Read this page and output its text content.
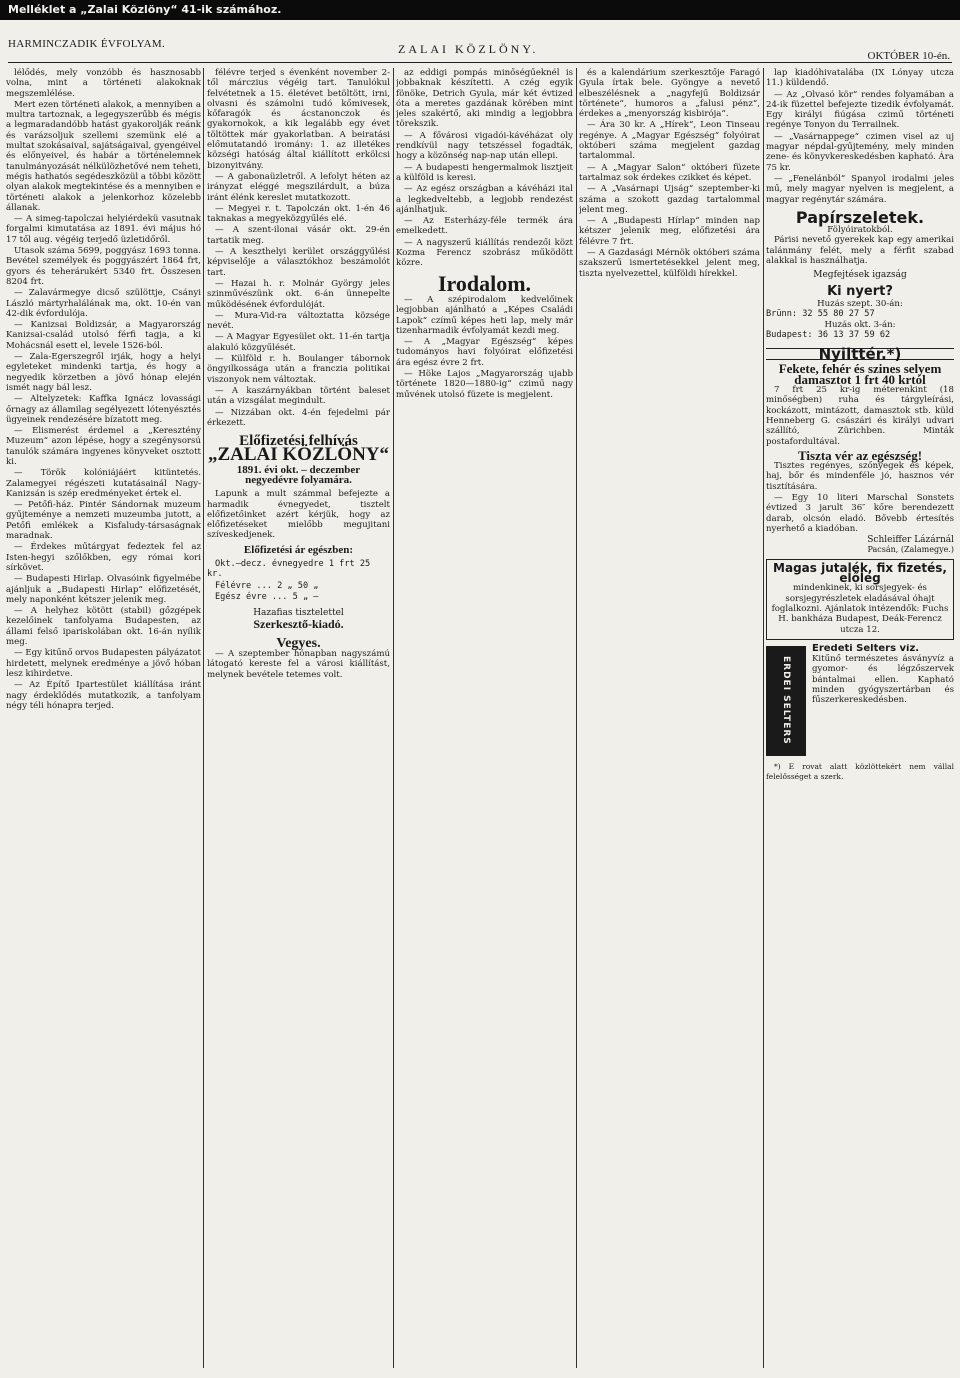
Melléklet a „Zalai Közlöny“ 41-ik számához.
HARMINCZADIK ÉVFOLYAM.	ZALAI KÖZLÖNY.	OKTÓBER 10-én.

lélődés, mely vonzóbb és hasznosabb volna, mint a történeti alakoknak megszemlélése.

Mert ezen történeti alakok, a mennyiben a multra tartoznak, a legegyszerűbb és mégis a legmaradandóbb hatást gyakorolják reánk és varázsoljuk szellemi szemünk elé a multat szokásaival, sajátságaival, gyengéivel és előnyeivel, és habár a történelemnek tanulmányozását nélkülözhetővé nem teheti, mégis hathatós segédeszközül a többi között olyan alakok megtekintése és a mennyiben e történeti alakok a jelenkorhoz közelebb állanak.

— A simeg-tapolczai helyiérdekü vasutnak forgalmi kimutatása az 1891. évi május hó 17 től aug. végéig terjedő üzletidőről.

Utasok száma 5699, poggyász 1693 tonna. Bevétel személyek és poggyászért 1864 frt, gyors és teherárukért 5340 frt. Összesen 8204 frt.

— Zalavármegye dicső szülöttje, Csányi László mártyrhalálának ma, okt. 10-én van 42-dik évfordulója.

— Kanizsai Boldizsár, a Magyarország Kanizsai-család utolsó férfi tagja, a ki Mohácsnál esett el, levele 1526-ból.

— Zala-Egerszegről irják, hogy a helyi egyleteket mindenki tartja, és hogy a negyedik körzetben a jövő hónap elején ismét nagy bál lesz.

— Altelyzetek: Kaffka Ignácz lovassági őrnagy az államilag segélyezett lótenyésztés ügyeinek rendezésére bízatott meg.

— Elismerést érdemel a „Keresztény Muzeum“ azon lépése, hogy a szegénysorsú tanulók számára ingyenes könyveket osztott ki.

— Török kolóniájáért kitüntetés. Zalamegyei régészeti kutatásainál Nagy-Kanizsán is szép eredményeket értek el.

— Petőfi-ház. Pintér Sándornak muzeum gyűjteménye a nemzeti muzeumba jutott, a Petőfi emlékek a Kisfaludy-társaságnak maradnak.

— Érdekes műtárgyat fedeztek fel az Isten-hegyi szőlőkben, egy római kori sírkövet.

— Budapesti Hirlap. Olvasóink figyelmébe ajánljuk a „Budapesti Hirlap“ előfizetését, mely naponként kétszer jelenik meg.

— A helyhez kötött (stabil) gőzgépek kezelőinek tanfolyama Budapesten, az állami felső ipariskolában okt. 16-án nyílik meg.

— Egy kitűnő orvos Budapesten pályázatot hirdetett, melynek eredménye a jövő hóban lesz kihirdetve.

— Az Építő Ipartestület kiállítása iránt nagy érdeklődés mutatkozik, a tanfolyam négy téli hónapra terjed.

félévre terjed s évenként november 2-től márczius végéig tart. Tanulókul felvétetnek a 15. életévet betöltött, irni, olvasni és számolni tudó kőmivesek, kőfaragók és ácstanonczok és gyakornokok, a kik legalább egy évet töltöttek már gyakorlatban. A beiratási előmutatandó iromány: 1. az illetékes községi hatóság által kiállított erkölcsi bizonyitvány.

— A gabonaüzletről. A lefolyt héten az irányzat eléggé megszilárdult, a búza iránt élénk kereslet mutatkozott.

— Megyei r. t. Tapolczán okt. 1-én 46 taknakas a megyeközgyűlés elé.

— A szent-ilonai vásár okt. 29-én tartatik meg.

— A keszthelyi kerület országgyűlési képviselője a választókhoz beszámolót tart.

— Hazai h. r. Molnár György jeles szinművészünk okt. 6-án ünnepelte működésének évfordulóját.

— Mura-Vid-ra változtatta községe nevét.

— A Magyar Egyesület okt. 11-én tartja alakuló közgyűlését.

— Külföld r. h. Boulanger tábornok öngyilkossága után a franczia politikai viszonyok nem változtak.

— A kaszárnyákban történt baleset után a vizsgálat megindult.

— Nizzában okt. 4-én fejedelmi pár érkezett.

Előfizetési felhívás
„ZALAI KÖZLÖNY“
1891. évi okt. – deczember
negyedévre folyamára.

Lapunk a mult számmal befejezte a harmadik évnegyedet, tisztelt előfizetőinket azért kérjük, hogy az előfizetéseket mielőbb megujitani szíveskedjenek.

Előfizetési ár egészben:

Okt.—decz. évnegyedre 1 frt 25 kr.

Félévre ... 2 „ 50 „

Egész évre ... 5 „ –

Hazafias tisztelettel
Szerkesztő-kiadó.
Vegyes.

— A szeptember hónapban nagyszámú látogató kereste fel a városi kiállítást, melynek bevétele tetemes volt.

az eddigi pompás minőségűeknél is jobbaknak készítetti. A czég egyik fönöke, Detrich Gyula, már két évtized óta a meretes gazdának körében mint jeles szakértő, aki mindig a legjobbra törekszik.

— A fővárosi vigadói-kávéházat oly rendkívül nagy tetszéssel fogadták, hogy a közönség nap-nap után ellepi.

— A budapesti hengermalmok lisztjeit a külföld is keresi.

— Az egész országban a kávéházi ital a legkedveltebb, a legjobb rendezést ajánlhatjuk.

— Az Esterházy-féle termék ára emelkedett.

— A nagyszerű kiállítás rendezői közt Kozma Ferencz szobrász működött közre.

Irodalom.

— A szépirodalom kedvelőinek legjobban ajánlható a „Képes Családi Lapok“ czímű képes heti lap, mely már tizenharmadik évfolyamát kezdi meg.

— A „Magyar Egészség“ képes tudományos havi folyóirat előfizetési ára egész évre 2 frt.

— Höke Lajos „Magyarország ujabb története 1820—1880-ig“ czimű nagy művének utolsó füzete is megjelent.

és a kalendárium szerkesztője Faragó Gyula írtak bele. Gyöngye a nevető elbeszélésnek a „nagyfejű Boldizsár története“, humoros a „falusi pénz“, érdekes a „menyország kisbirója“.

— Ára 30 kr. A „Hírek“, Leon Tinseau regénye. A „Magyar Egészség“ folyóirat októberi száma megjelent gazdag tartalommal.

— A „Magyar Salon“ októberi füzete tartalmaz sok érdekes czikket és képet.

— A „Vasárnapi Ujság“ szeptember-ki száma a szokott gazdag tartalommal jelent meg.

— A „Budapesti Hírlap“ minden nap kétszer jelenik meg, előfizetési ára félévre 7 frt.

— A Gazdasági Mérnök októberi száma szakszerű ismertetésekkel jelent meg, tiszta nyelvezettel, külföldi hírekkel.

lap kiadóhivatalába (IX Lónyay utcza 11.) küldendő.

— Az „Olvasó kör“ rendes folyamában a 24-ik füzettel befejezte tizedik évfolyamát. Egy királyi fiúgása czimű történeti regénye Tonyon du Terrailnek.

— „Vasárnappege“ czimen visel az uj magyar népdal-gyűjtemény, mely minden zene- és könyvkereskedésben kapható. Ára 75 kr.

— „Fenelánból“ Spanyol irodalmi jeles mű, mely magyar nyelven is megjelent, a magyar regénytár számára.

Papírszeletek.
Fölyóiratokból.

Párisi nevető gyerekek kap egy amerikai talánmány felét, mely a férfit szabad alakkal is használhatja.

Megfejtések igazság
Ki nyert?
Huzás szept. 30-án:
Brünn: 32 55 80 27 57
Huzás okt. 3-án:
Budapest: 36 13 37 59 62
Nyilttér.*)
Fekete, fehér és szines selyem damasztot 1 frt 40 krtól

7 frt 25 kr-ig méterenkint (18 minőségben) ruha és tárgyleírási, kockázott, mintázott, damasztok stb. küld Henneberg G. császári és királyi udvari szállító, Zürichben. Minták postafordultával.

Tiszta vér az egészség!

Tisztes regényes, szőnyegek és képek, haj, bőr és mindenféle jó, hasznos vér tisztítására.

— Egy 10 literi Marschal Sonstets évtized 3 jarult 36″ kőre berendezett darab, olcsón eladó. Bővebb értesítés nyerhető a kiadóban.

Schleiffer Lázárnál
Pacsán, (Zalamegye.)
Magas jutalék, fix fizetés, előleg

mindenkinek, ki sorsjegyek- és sorsjegyrészletek eladásával óhajt foglalkozni. Ajánlatok intézendők: Fuchs H. bankháza Budapest, Deák-Ferencz utcza 12.

ERDEI SELTERS
Eredeti Selters víz.

Kitűnő természetes ásványvíz a gyomor- és légzőszervek bántalmai ellen. Kapható minden gyógyszertárban és fűszerkereskedésben.

*) E rovat alatt közlöttekért nem vállal felelősséget a szerk.
